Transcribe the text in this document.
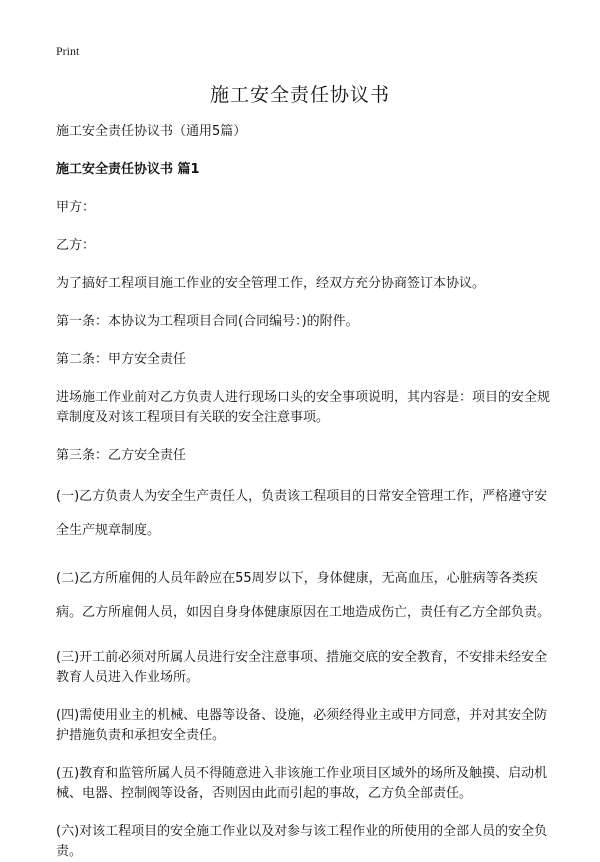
Print
施工安全责任协议书

施工安全责任协议书（通用5篇）

施工安全责任协议书 篇1

甲方：

乙方：

为了搞好工程项目施工作业的安全管理工作，经双方充分协商签订本协议。

第一条：本协议为工程项目合同(合同编号：)的附件。

第二条：甲方安全责任

进场施工作业前对乙方负责人进行现场口头的安全事项说明，其内容是：项目的安全规章制度及对该工程项目有关联的安全注意事项。

第三条：乙方安全责任

(一)乙方负责人为安全生产责任人，负责该工程项目的日常安全管理工作，严格遵守安全生产规章制度。

(二)乙方所雇佣的人员年龄应在55周岁以下，身体健康，无高血压，心脏病等各类疾病。乙方所雇佣人员，如因自身身体健康原因在工地造成伤亡，责任有乙方全部负责。

(三)开工前必须对所属人员进行安全注意事项、措施交底的安全教育，不安排未经安全教育人员进入作业场所。

(四)需使用业主的机械、电器等设备、设施，必须经得业主或甲方同意，并对其安全防护措施负责和承担安全责任。

(五)教育和监管所属人员不得随意进入非该施工作业项目区域外的场所及触摸、启动机械、电器、控制阀等设备，否则因由此而引起的事故，乙方负全部责任。

(六)对该工程项目的安全施工作业以及对参与该工程作业的所使用的全部人员的安全负责。
